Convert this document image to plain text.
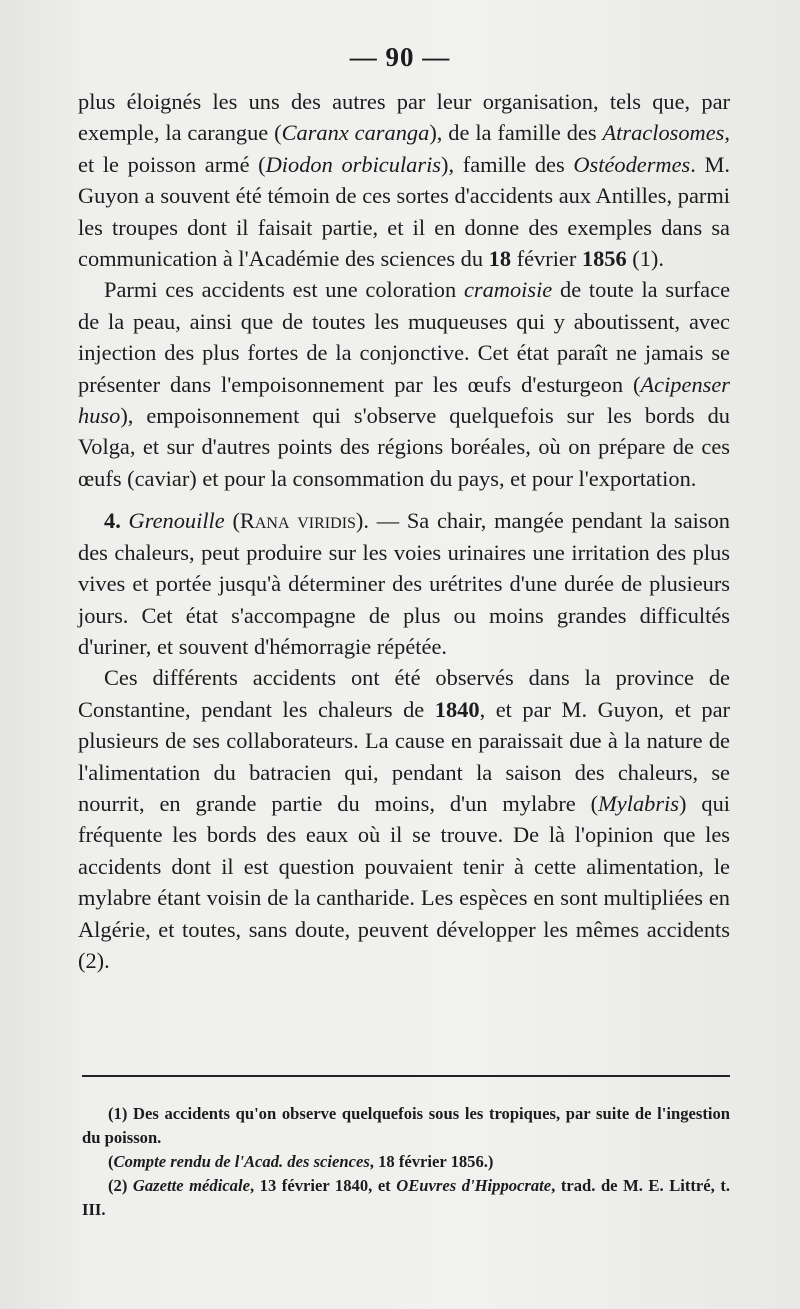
— 90 —

plus éloignés les uns des autres par leur organisation, tels que, par exemple, la carangue (Caranx caranga), de la famille des Atraclosomes, et le poisson armé (Diodon orbicularis), famille des Ostéodermes. M. Guyon a souvent été témoin de ces sortes d'accidents aux Antilles, parmi les troupes dont il faisait partie, et il en donne des exemples dans sa communication à l'Académie des sciences du 18 février 1856 (1).

Parmi ces accidents est une coloration cramoisie de toute la surface de la peau, ainsi que de toutes les muqueuses qui y aboutissent, avec injection des plus fortes de la conjonctive. Cet état paraît ne jamais se présenter dans l'empoisonnement par les œufs d'esturgeon (Acipenser huso), empoisonnement qui s'observe quelquefois sur les bords du Volga, et sur d'autres points des régions boréales, où on prépare de ces œufs (caviar) et pour la consommation du pays, et pour l'exportation.

4. Grenouille (Rana viridis). — Sa chair, mangée pendant la saison des chaleurs, peut produire sur les voies urinaires une irritation des plus vives et portée jusqu'à déterminer des urétrites d'une durée de plusieurs jours. Cet état s'accompagne de plus ou moins grandes difficultés d'uriner, et souvent d'hémorragie répétée.

Ces différents accidents ont été observés dans la province de Constantine, pendant les chaleurs de 1840, et par M. Guyon, et par plusieurs de ses collaborateurs. La cause en paraissait due à la nature de l'alimentation du batracien qui, pendant la saison des chaleurs, se nourrit, en grande partie du moins, d'un mylabre (Mylabris) qui fréquente les bords des eaux où il se trouve. De là l'opinion que les accidents dont il est question pouvaient tenir à cette alimentation, le mylabre étant voisin de la cantharide. Les espèces en sont multipliées en Algérie, et toutes, sans doute, peuvent développer les mêmes accidents (2).

(1) Des accidents qu'on observe quelquefois sous les tropiques, par suite de l'ingestion du poisson.

(Compte rendu de l'Acad. des sciences, 18 février 1856.)

(2) Gazette médicale, 13 février 1840, et OEuvres d'Hippocrate, trad. de M. E. Littré, t. III.
